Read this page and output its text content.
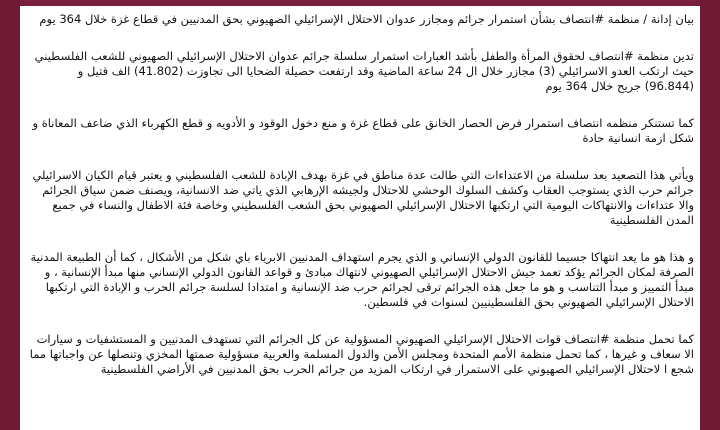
بيان إدانة / منظمة #انتصاف بشأن استمرار جرائم ومجازر عدوان الاحتلال الإسرائيلي الصهيوني بحق المدنيين في قطاع غزة خلال 364 يوم

تدين منظمة #انتصاف لحقوق المرأة والطفل بأشد العبارات استمرار سلسلة جرائم عدوان الاحتلال الإسرائيلي الصهيوني للشعب الفلسطيني حيث ارتكب العدو الاسرائيلي (3) مجازر خلال ال 24 ساعة الماضية وقد ارتفعت حصيلة الضحايا الى تجاوزت (41.802) الف قتيل و (96.844) جريح خلال 364 يوم

كما تستنكر منظمه انتصاف استمرار فرض الحصار الخانق على قطاع غزة و منع دخول الوقود و الأدويه و قطع الكهرباء الذي ضاعف المعاناة و شكل ازمة انسانية حادة

ويأتي هذا التصعيد بعد سلسلة من الاعتداءات التي طالت عدة مناطق في غزة بهدف الإبادة للشعب الفلسطيني و يعتبر قيام الكيان الاسرائيلي جرائم حرب الذي يستوجب العقاب وكشف السلوك الوحشي للاحتلال ولجيشه الإرهابي الذي ياتي ضد الانسانية، ويصنف ضمن سياق الجرائم والا عتداءات والانتهاكات اليومية التي ارتكبها الاحتلال الإسرائيلي الصهيوني بحق الشعب الفلسطيني وخاصة فئة الاطفال والنساء في جميع المدن الفلسطينية

و هذا هو ما يعد انتهاكا جسيما للقانون الدولي الإنساني و الذي يجرم استهداف المدنيين الابرياء باي شكل من الأشكال ، كما أن الطبيعة المدنية الصرفة لمكان الجرائم يؤكد تعمد جيش الاحتلال الإسرائيلي الصهيوني لانتهاك مبادئ و قواعد القانون الدولي الإنساني منها مبدأ الإنسانية ، و مبدأ التمييز و مبدأ التناسب و هو ما جعل هذه الجرائم ترقى لجرائم حرب ضد الإنسانية و امتدادا لسلسة جرائم الحرب و الإبادة التي ارتكبها الاحتلال الإسرائيلي الصهيوني بحق الفلسطينيين لسنوات في فلسطين.

كما تحمل منظمة #انتصاف قوات الاحتلال الإسرائيلي الصهيوني المسؤولية عن كل الجرائم التي تستهدف المدنيين و المستشفيات و سيارات الا سعاف و غيرها ، كما تحمل منظمة الأمم المتحدة ومجلس الأمن والدول المسلمة والعربية مسؤولية صمتها المخزي وتنصلها عن واجباتها مما شجع ا لاحتلال الإسرائيلي الصهيوني على الاستمرار في ارتكاب المزيد من جرائم الحرب بحق المدنيين في الأراضي الفلسطينية
